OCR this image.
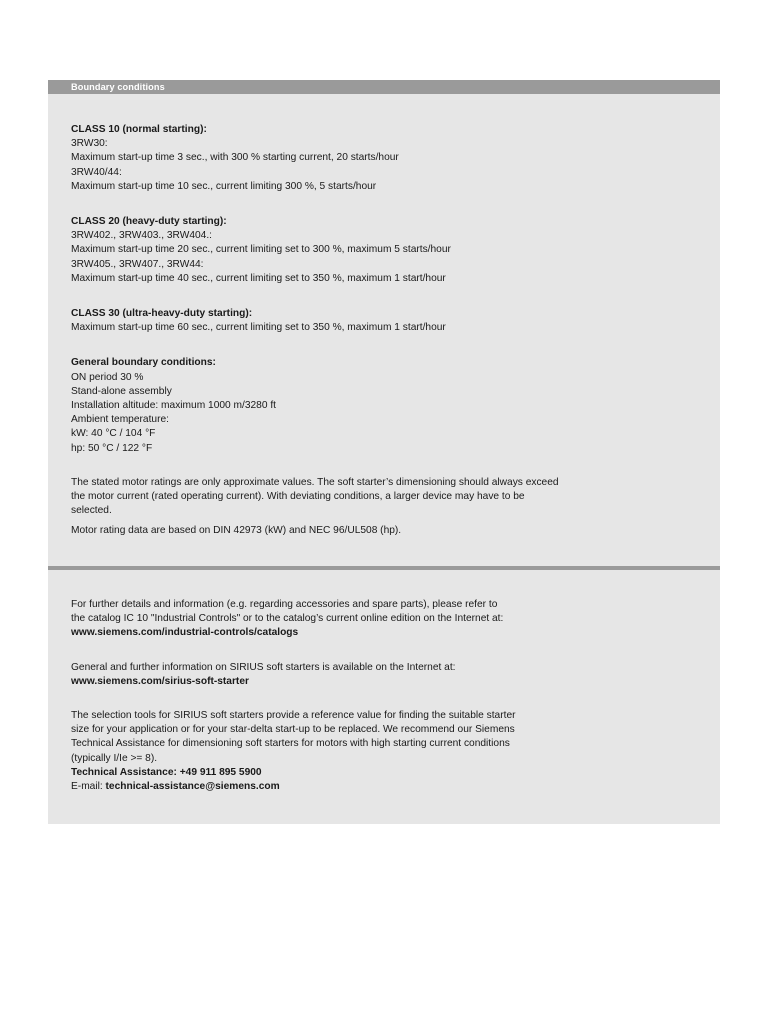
Boundary conditions
CLASS 10 (normal starting):
3RW30:
Maximum start-up time 3 sec., with 300 % starting current, 20 starts/hour
3RW40/44:
Maximum start-up time 10 sec., current limiting 300 %, 5 starts/hour
CLASS 20 (heavy-duty starting):
3RW402., 3RW403., 3RW404.:
Maximum start-up time 20 sec., current limiting set to 300 %, maximum 5 starts/hour
3RW405., 3RW407., 3RW44:
Maximum start-up time 40 sec., current limiting set to 350 %, maximum 1 start/hour
CLASS 30 (ultra-heavy-duty starting):
Maximum start-up time 60 sec., current limiting set to 350 %, maximum 1 start/hour
General boundary conditions:
ON period 30 %
Stand-alone assembly
Installation altitude: maximum 1000 m/3280 ft
Ambient temperature:
kW: 40 °C / 104 °F
hp: 50 °C / 122 °F
The stated motor ratings are only approximate values. The soft starter’s dimensioning should always exceed
the motor current (rated operating current). With deviating conditions, a larger device may have to be
selected.
Motor rating data are based on DIN 42973 (kW) and NEC 96/UL508 (hp).
For further details and information (e.g. regarding accessories and spare parts), please refer to
the catalog IC 10 "Industrial Controls" or to the catalog’s current online edition on the Internet at:
www.siemens.com/industrial-controls/catalogs
General and further information on SIRIUS soft starters is available on the Internet at:
www.siemens.com/sirius-soft-starter
The selection tools for SIRIUS soft starters provide a reference value for finding the suitable starter
size for your application or for your star-delta start-up to be replaced. We recommend our Siemens
Technical Assistance for dimensioning soft starters for motors with high starting current conditions
(typically I/Ie >= 8).
Technical Assistance: +49 911 895 5900
E-mail: technical-assistance@siemens.com
